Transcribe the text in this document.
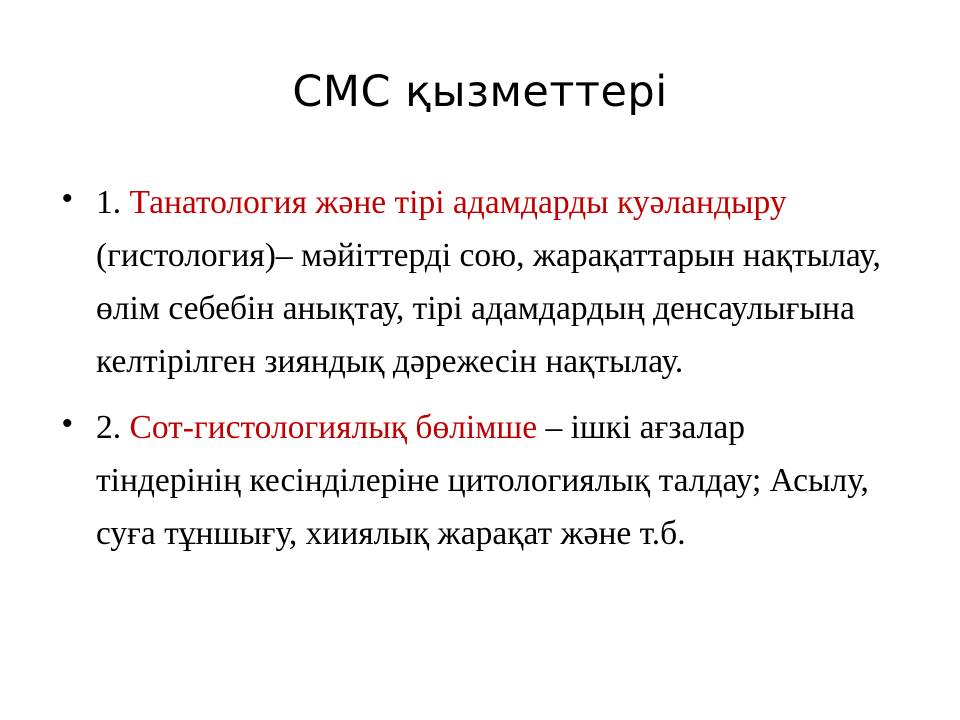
СМС қызметтері
• 1. Танатология және тірі адамдарды куәландыру (гистология)– мәйіттерді сою, жарақаттарын нақтылау, өлім себебін анықтау, тірі адамдардың денсаулығына келтірілген зияндық дәрежесін нақтылау.
• 2. Сот-гистологиялық бөлімше – ішкі ағзалар тіндерінің кесінділеріне цитологиялық талдау; Асылу, суға тұншығу, хииялық жарақат және т.б.
